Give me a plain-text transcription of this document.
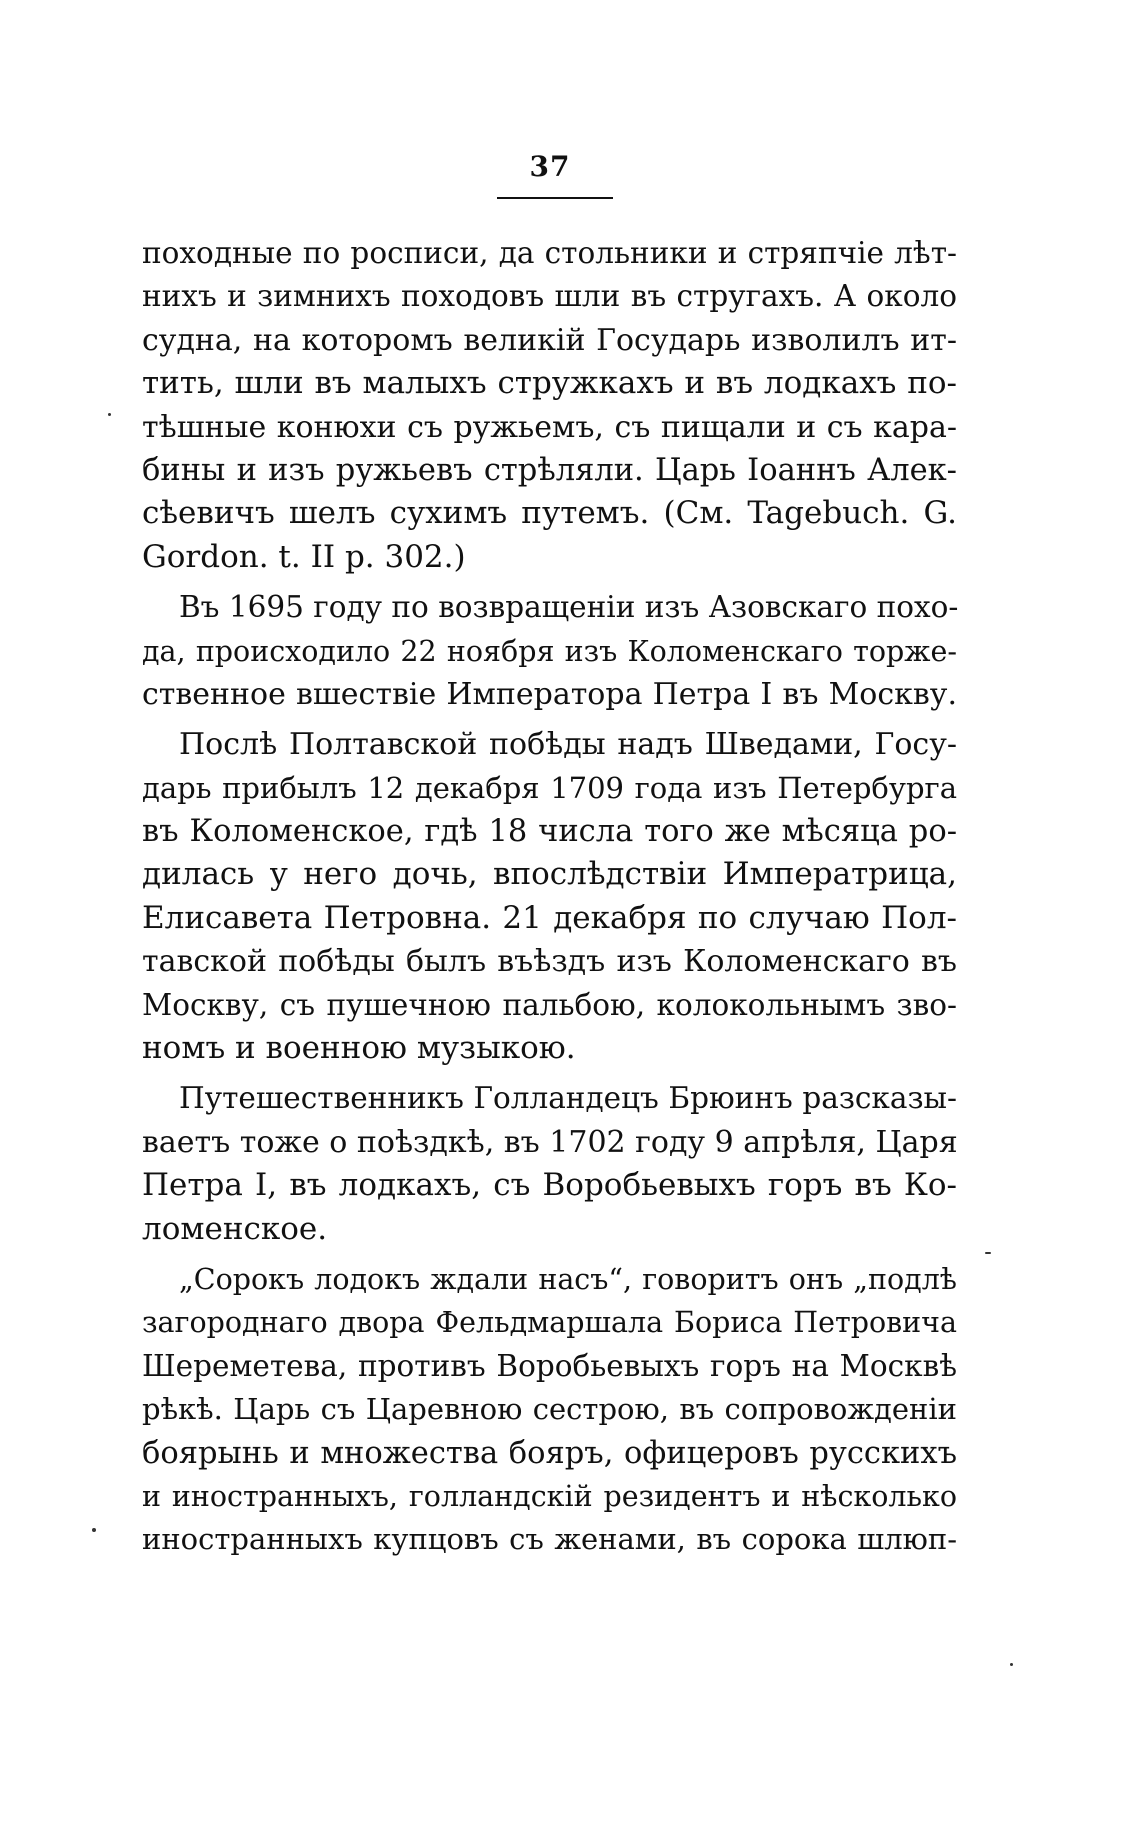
37
походные по росписи, да стольники и стряпчіе лѣт-
нихъ и зимнихъ походовъ шли въ стругахъ. А около
судна, на которомъ великій Государь изволилъ ит-
тить, шли въ малыхъ стружкахъ и въ лодкахъ по-
тѣшные конюхи съ ружьемъ, съ пищали и съ кара-
бины и изъ ружьевъ стрѣляли. Царь Іоаннъ Алек-
сѣевичъ шелъ сухимъ путемъ. (См. Tagebuch. G.
Gordon. t. II p. 302.)
Въ 1695 году по возвращеніи изъ Азовскаго похо-
да, происходило 22 ноября изъ Коломенскаго торже-
ственное вшествіе Императора Петра I въ Москву.
Послѣ Полтавской побѣды надъ Шведами, Госу-
дарь прибылъ 12 декабря 1709 года изъ Петербурга
въ Коломенское, гдѣ 18 числа того же мѣсяца ро-
дилась у него дочь, впослѣдствіи Императрица,
Елисавета Петровна. 21 декабря по случаю Пол-
тавской побѣды былъ въѣздъ изъ Коломенскаго въ
Москву, съ пушечною пальбою, колокольнымъ зво-
номъ и военною музыкою.
Путешественникъ Голландецъ Брюинъ разсказы-
ваетъ тоже о поѣздкѣ, въ 1702 году 9 апрѣля, Царя
Петра I, въ лодкахъ, съ Воробьевыхъ горъ въ Ко-
ломенское.
„Сорокъ лодокъ ждали насъ“, говоритъ онъ „подлѣ
загороднаго двора Фельдмаршала Бориса Петровича
Шереметева, противъ Воробьевыхъ горъ на Москвѣ
рѣкѣ. Царь съ Царевною сестрою, въ сопровожденіи
боярынь и множества бояръ, офицеровъ русскихъ
и иностранныхъ, голландскій резидентъ и нѣсколько
иностранныхъ купцовъ съ женами, въ сорока шлюп-
